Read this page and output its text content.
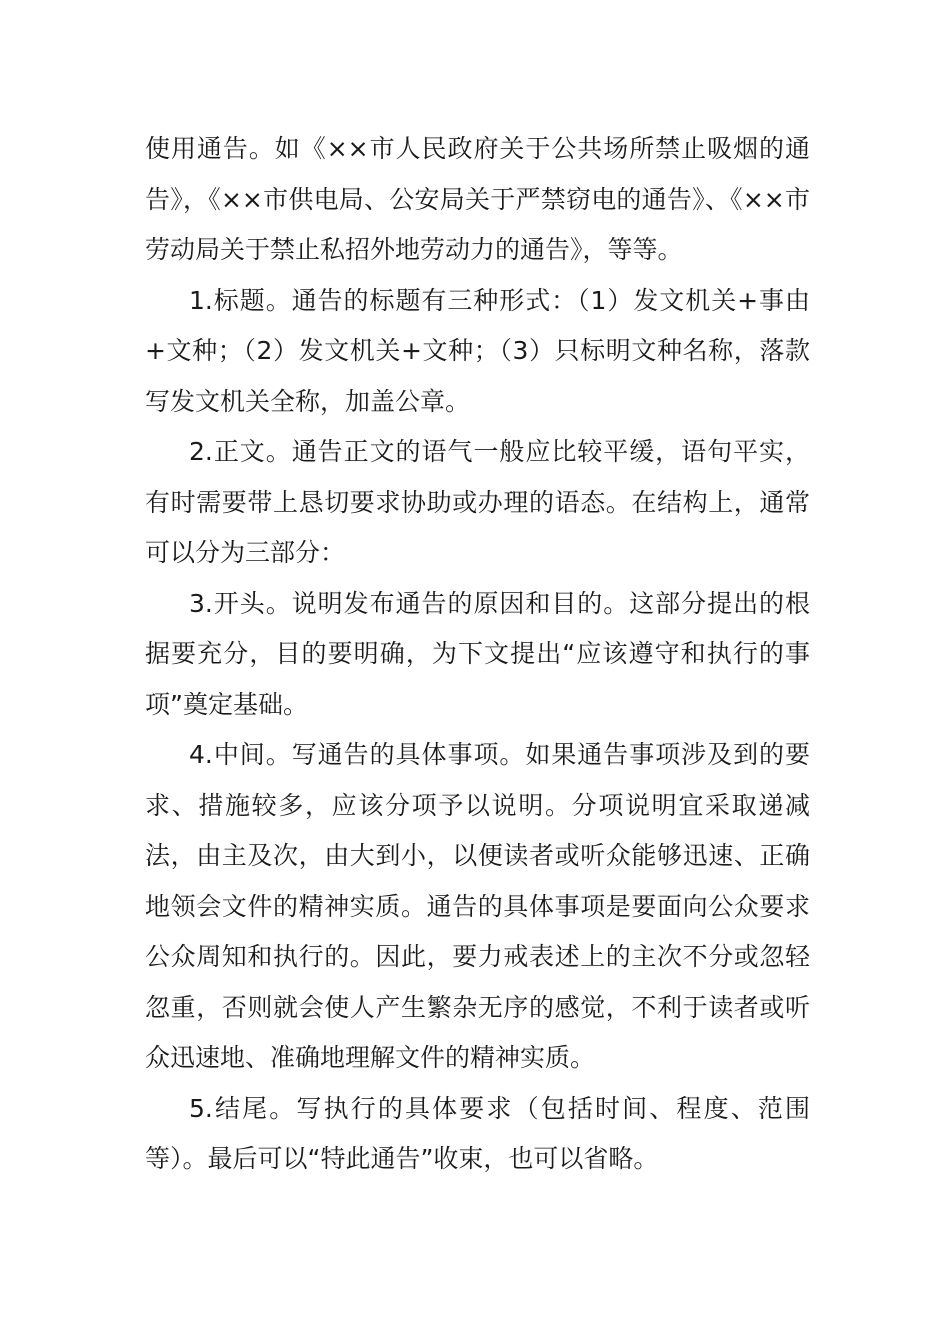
使用通告。如《××市人民政府关于公共场所禁止吸烟的通告》，《××市供电局、公安局关于严禁窃电的通告》、《××市劳动局关于禁止私招外地劳动力的通告》，等等。

1.标题。通告的标题有三种形式：（1）发文机关+事由+文种；（2）发文机关+文种；（3）只标明文种名称，落款写发文机关全称，加盖公章。

2.正文。通告正文的语气一般应比较平缓，语句平实，有时需要带上恳切要求协助或办理的语态。在结构上，通常可以分为三部分：

3.开头。说明发布通告的原因和目的。这部分提出的根据要充分，目的要明确，为下文提出“应该遵守和执行的事项”奠定基础。

4.中间。写通告的具体事项。如果通告事项涉及到的要求、措施较多，应该分项予以说明。分项说明宜采取递减法，由主及次，由大到小，以便读者或听众能够迅速、正确地领会文件的精神实质。通告的具体事项是要面向公众要求公众周知和执行的。因此，要力戒表述上的主次不分或忽轻忽重，否则就会使人产生繁杂无序的感觉，不利于读者或听众迅速地、准确地理解文件的精神实质。

5.结尾。写执行的具体要求（包括时间、程度、范围等）。最后可以“特此通告”收束，也可以省略。
